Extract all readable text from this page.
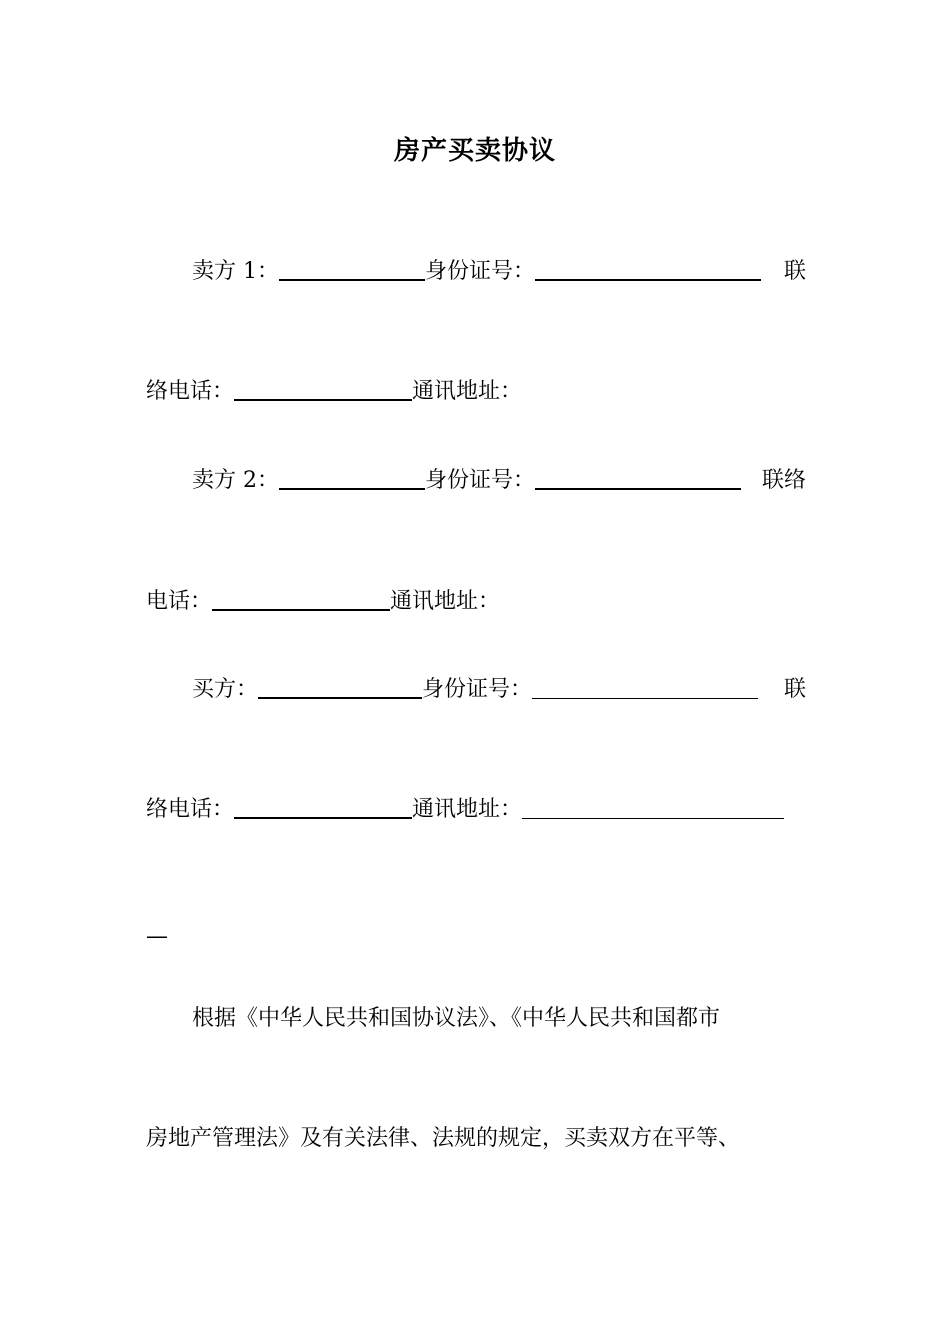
房产买卖协议
卖方 1：	身份证号：	联
络电话：	通讯地址：
卖方 2：	身份证号：	联络
电话：	通讯地址：
买方：	身份证号：	联
络电话：	通讯地址：
—
根据《中华人民共和国协议法》、《中华人民共和国都市
房地产管理法》及有关法律、法规的规定，买卖双方在平等、
